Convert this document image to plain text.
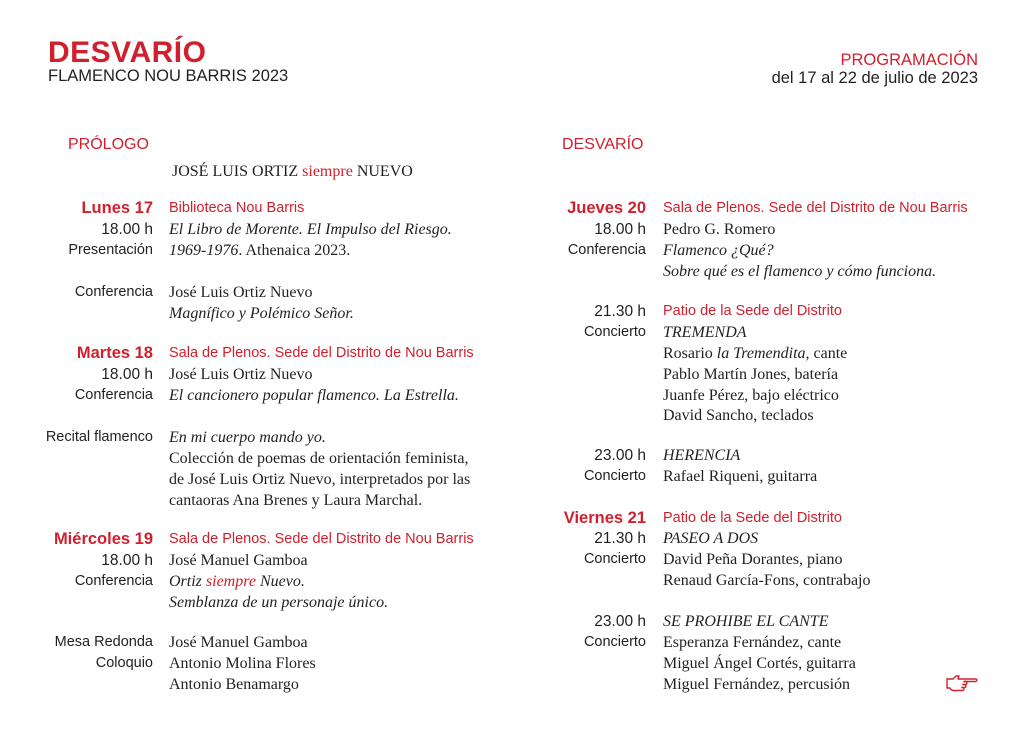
DESVARÍO
FLAMENCO NOU BARRIS 2023
PROGRAMACIÓN
del 17 al 22 de julio de 2023
PRÓLOGO
JOSÉ LUIS ORTIZ siempre NUEVO
Lunes 17 Biblioteca Nou Barris
18.00 h El Libro de Morente. El Impulso del Riesgo.
Presentación 1969-1976. Athenaica 2023.
Conferencia José Luis Ortiz Nuevo
Magnífico y Polémico Señor.
Martes 18 Sala de Plenos. Sede del Distrito de Nou Barris
18.00 h José Luis Ortiz Nuevo
Conferencia El cancionero popular flamenco. La Estrella.
Recital flamenco En mi cuerpo mando yo.
Colección de poemas de orientación feminista,
de José Luis Ortiz Nuevo, interpretados por las
cantaoras Ana Brenes y Laura Marchal.
Miércoles 19 Sala de Plenos. Sede del Distrito de Nou Barris
18.00 h José Manuel Gamboa
Conferencia Ortiz siempre Nuevo.
Semblanza de un personaje único.
Mesa Redonda José Manuel Gamboa
Coloquio Antonio Molina Flores
Antonio Benamargo
DESVARÍO
Jueves 20 Sala de Plenos. Sede del Distrito de Nou Barris
18.00 h Pedro G. Romero
Conferencia Flamenco ¿Qué?
Sobre qué es el flamenco y cómo funciona.
21.30 h Patio de la Sede del Distrito
Concierto TREMENDA
Rosario la Tremendita, cante
Pablo Martín Jones, batería
Juanfe Pérez, bajo eléctrico
David Sancho, teclados
23.00 h HERENCIA
Concierto Rafael Riqueni, guitarra
Viernes 21 Patio de la Sede del Distrito
21.30 h PASEO A DOS
Concierto David Peña Dorantes, piano
Renaud García-Fons, contrabajo
23.00 h SE PROHIBE EL CANTE
Concierto Esperanza Fernández, cante
Miguel Ángel Cortés, guitarra
Miguel Fernández, percusión
